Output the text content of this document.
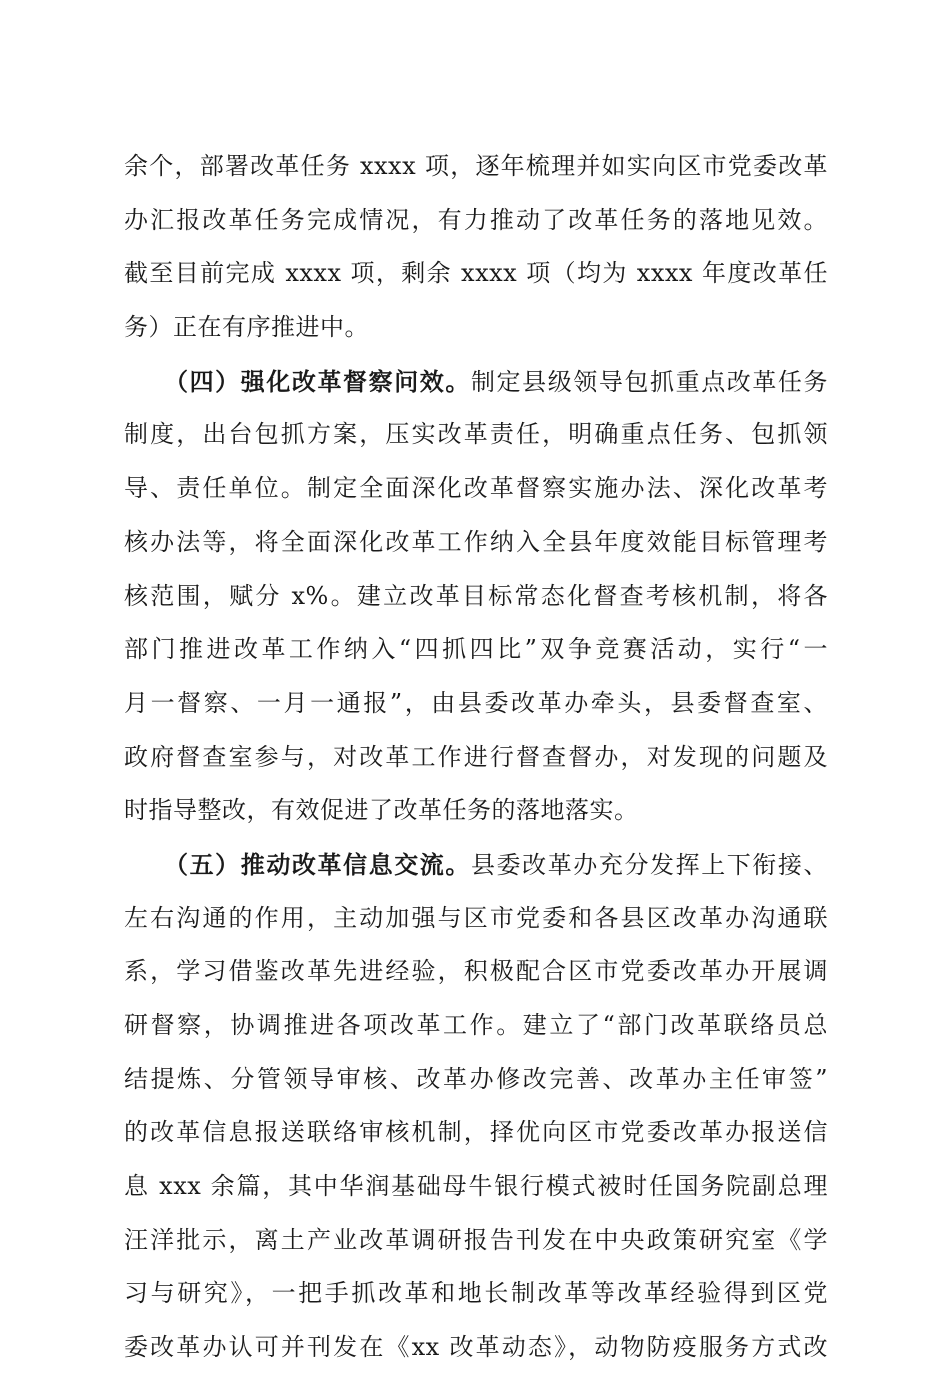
余个，部署改革任务 xxxx 项，逐年梳理并如实向区市党委改革
办汇报改革任务完成情况，有力推动了改革任务的落地见效。
截至目前完成 xxxx 项，剩余 xxxx 项（均为 xxxx 年度改革任
务）正在有序推进中。
（四）强化改革督察问效。制定县级领导包抓重点改革任务
制度，出台包抓方案，压实改革责任，明确重点任务、包抓领
导、责任单位。制定全面深化改革督察实施办法、深化改革考
核办法等，将全面深化改革工作纳入全县年度效能目标管理考
核范围，赋分 x%。建立改革目标常态化督查考核机制，将各
部门推进改革工作纳入“四抓四比”双争竞赛活动，实行“一
月一督察、一月一通报”，由县委改革办牵头，县委督查室、
政府督查室参与，对改革工作进行督查督办，对发现的问题及
时指导整改，有效促进了改革任务的落地落实。
（五）推动改革信息交流。县委改革办充分发挥上下衔接、
左右沟通的作用，主动加强与区市党委和各县区改革办沟通联
系，学习借鉴改革先进经验，积极配合区市党委改革办开展调
研督察，协调推进各项改革工作。建立了“部门改革联络员总
结提炼、分管领导审核、改革办修改完善、改革办主任审签”
的改革信息报送联络审核机制，择优向区市党委改革办报送信
息 xxx 余篇，其中华润基础母牛银行模式被时任国务院副总理
汪洋批示，离土产业改革调研报告刊发在中央政策研究室《学
习与研究》，一把手抓改革和地长制改革等改革经验得到区党
委改革办认可并刊发在《xx 改革动态》，动物防疫服务方式改
